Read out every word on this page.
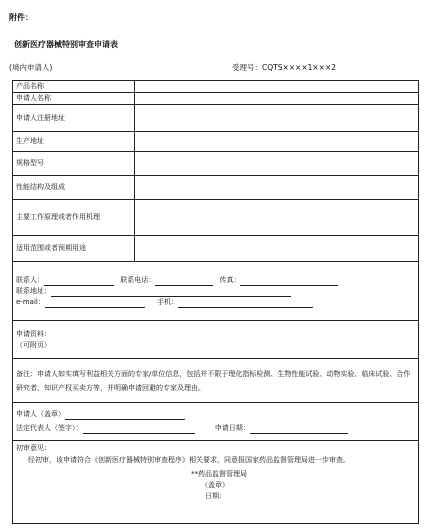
附件：
创新医疗器械特别审查申请表
(境内申请人)	受理号：CQTS××××1×××2
产品名称	
申请人名称	
申请人注册地址	
生产地址	
规格型号	
性能结构及组成	
主要工作原理或者作用机理	
适用范围或者预期用途	

联系人： 联系电话： 传真：
联系地址：
e-mail： 手机：	

申请资料：
（可附页）	

备注：申请人如实填写利益相关方面的专家/单位信息，包括并不限于理化指标检测、生物性能试验、动物实验、临床试验、合作研究者、知识产权买卖方等，并明确申请回避的专家及理由。	

申请人（盖章）
法定代表人（签字）： 申请日期：	

初审意见：
经初审，该申请符合《创新医疗器械特别审查程序》相关要求，同意报国家药品监督管理局进一步审查。
**药品监督管理局
（盖章）
日期：	
